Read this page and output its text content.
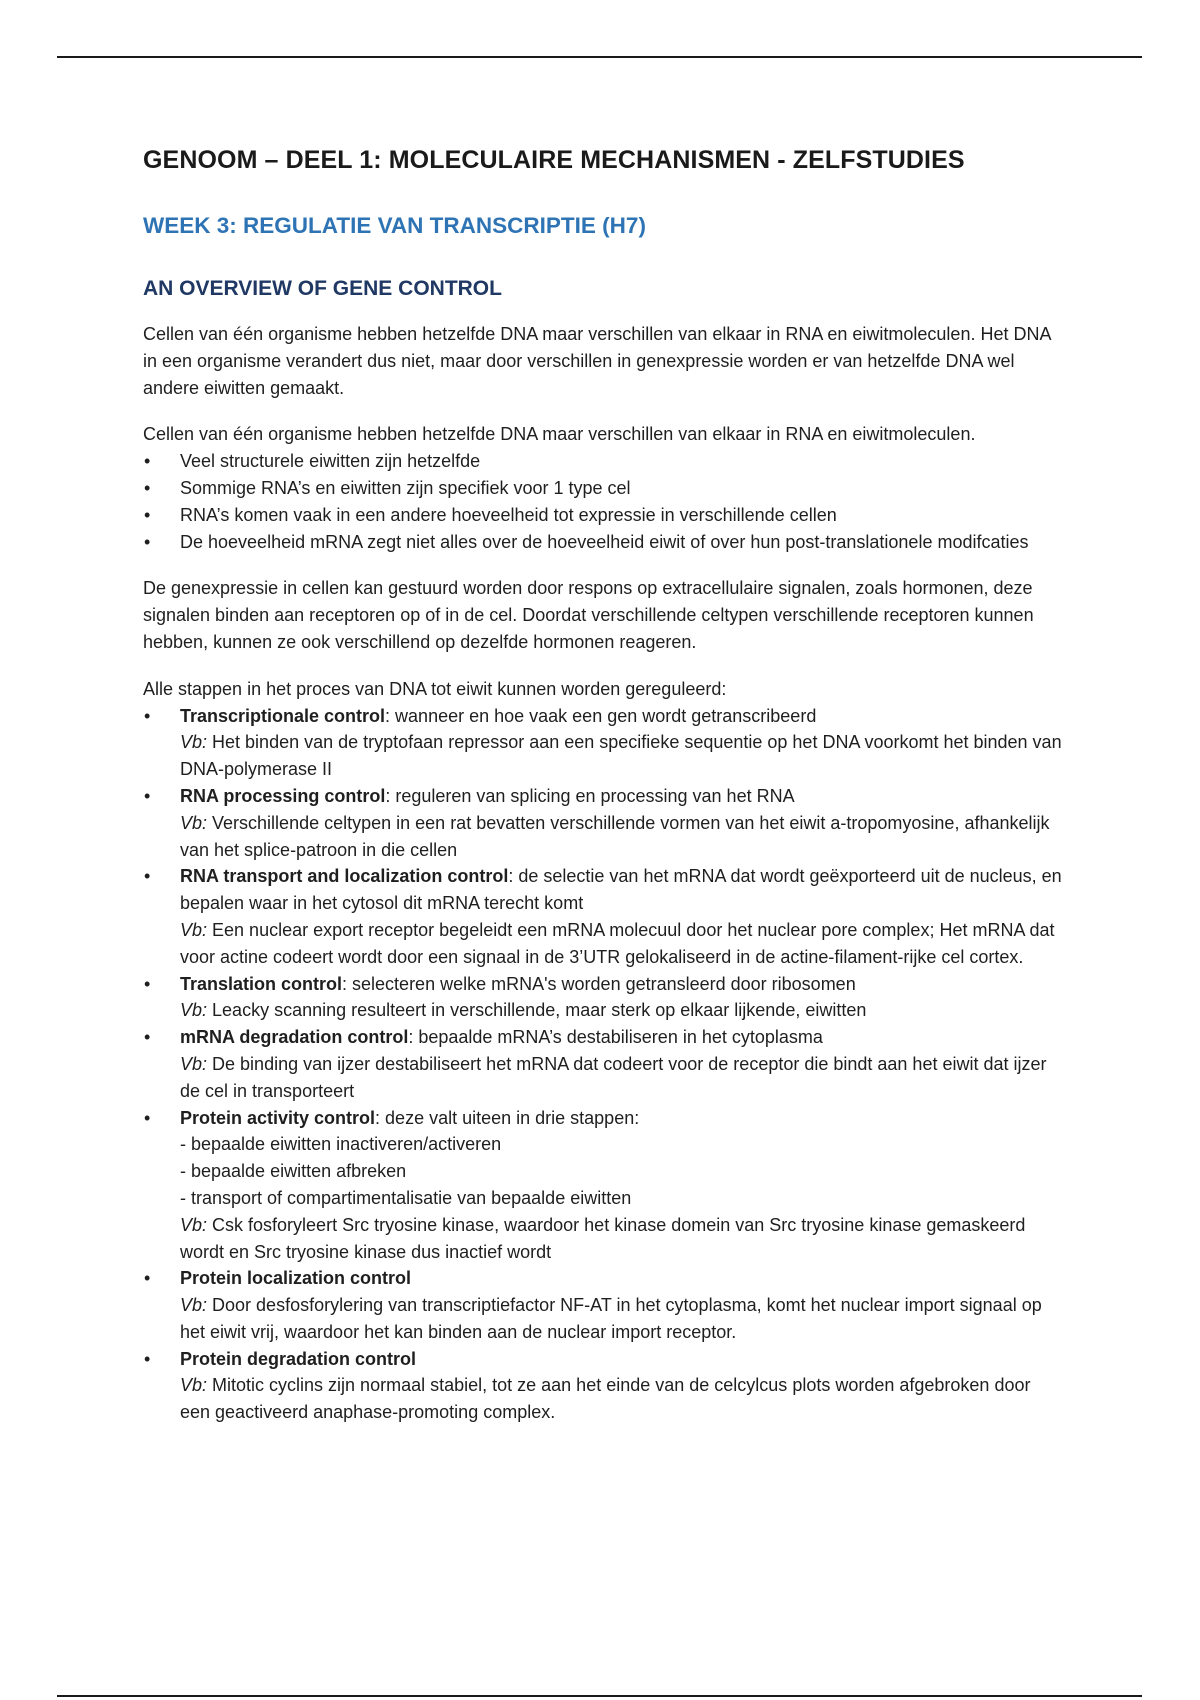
GENOOM – DEEL 1: MOLECULAIRE MECHANISMEN - ZELFSTUDIES
WEEK 3: REGULATIE VAN TRANSCRIPTIE (H7)
AN OVERVIEW OF GENE CONTROL

Cellen van één organisme hebben hetzelfde DNA maar verschillen van elkaar in RNA en eiwitmoleculen. Het DNA in een organisme verandert dus niet, maar door verschillen in genexpressie worden er van hetzelfde DNA wel andere eiwitten gemaakt.

Cellen van één organisme hebben hetzelfde DNA maar verschillen van elkaar in RNA en eiwitmoleculen.

• Veel structurele eiwitten zijn hetzelfde
• Sommige RNA’s en eiwitten zijn specifiek voor 1 type cel
• RNA’s komen vaak in een andere hoeveelheid tot expressie in verschillende cellen
• De hoeveelheid mRNA zegt niet alles over de hoeveelheid eiwit of over hun post-translationele modifcaties

De genexpressie in cellen kan gestuurd worden door respons op extracellulaire signalen, zoals hormonen, deze signalen binden aan receptoren op of in de cel. Doordat verschillende celtypen verschillende receptoren kunnen hebben, kunnen ze ook verschillend op dezelfde hormonen reageren.

Alle stappen in het proces van DNA tot eiwit kunnen worden gereguleerd:

• Transcriptionale control: wanneer en hoe vaak een gen wordt getranscribeerd
Vb: Het binden van de tryptofaan repressor aan een specifieke sequentie op het DNA voorkomt het binden van DNA-polymerase II
• RNA processing control: reguleren van splicing en processing van het RNA
Vb: Verschillende celtypen in een rat bevatten verschillende vormen van het eiwit a-tropomyosine, afhankelijk van het splice-patroon in die cellen
• RNA transport and localization control: de selectie van het mRNA dat wordt geëxporteerd uit de nucleus, en bepalen waar in het cytosol dit mRNA terecht komt
Vb: Een nuclear export receptor begeleidt een mRNA molecuul door het nuclear pore complex; Het mRNA dat voor actine codeert wordt door een signaal in de 3’UTR gelokaliseerd in de actine-filament-rijke cel cortex.
• Translation control: selecteren welke mRNA's worden getransleerd door ribosomen
Vb: Leacky scanning resulteert in verschillende, maar sterk op elkaar lijkende, eiwitten
• mRNA degradation control: bepaalde mRNA’s destabiliseren in het cytoplasma
Vb: De binding van ijzer destabiliseert het mRNA dat codeert voor de receptor die bindt aan het eiwit dat ijzer de cel in transporteert
• Protein activity control: deze valt uiteen in drie stappen:
- bepaalde eiwitten inactiveren/activeren
- bepaalde eiwitten afbreken
- transport of compartimentalisatie van bepaalde eiwitten
Vb: Csk fosforyleert Src tryosine kinase, waardoor het kinase domein van Src tryosine kinase gemaskeerd wordt en Src tryosine kinase dus inactief wordt
• Protein localization control
Vb: Door desfosforylering van transcriptiefactor NF-AT in het cytoplasma, komt het nuclear import signaal op het eiwit vrij, waardoor het kan binden aan de nuclear import receptor.
• Protein degradation control
Vb: Mitotic cyclins zijn normaal stabiel, tot ze aan het einde van de celcylcus plots worden afgebroken door een geactiveerd anaphase-promoting complex.
